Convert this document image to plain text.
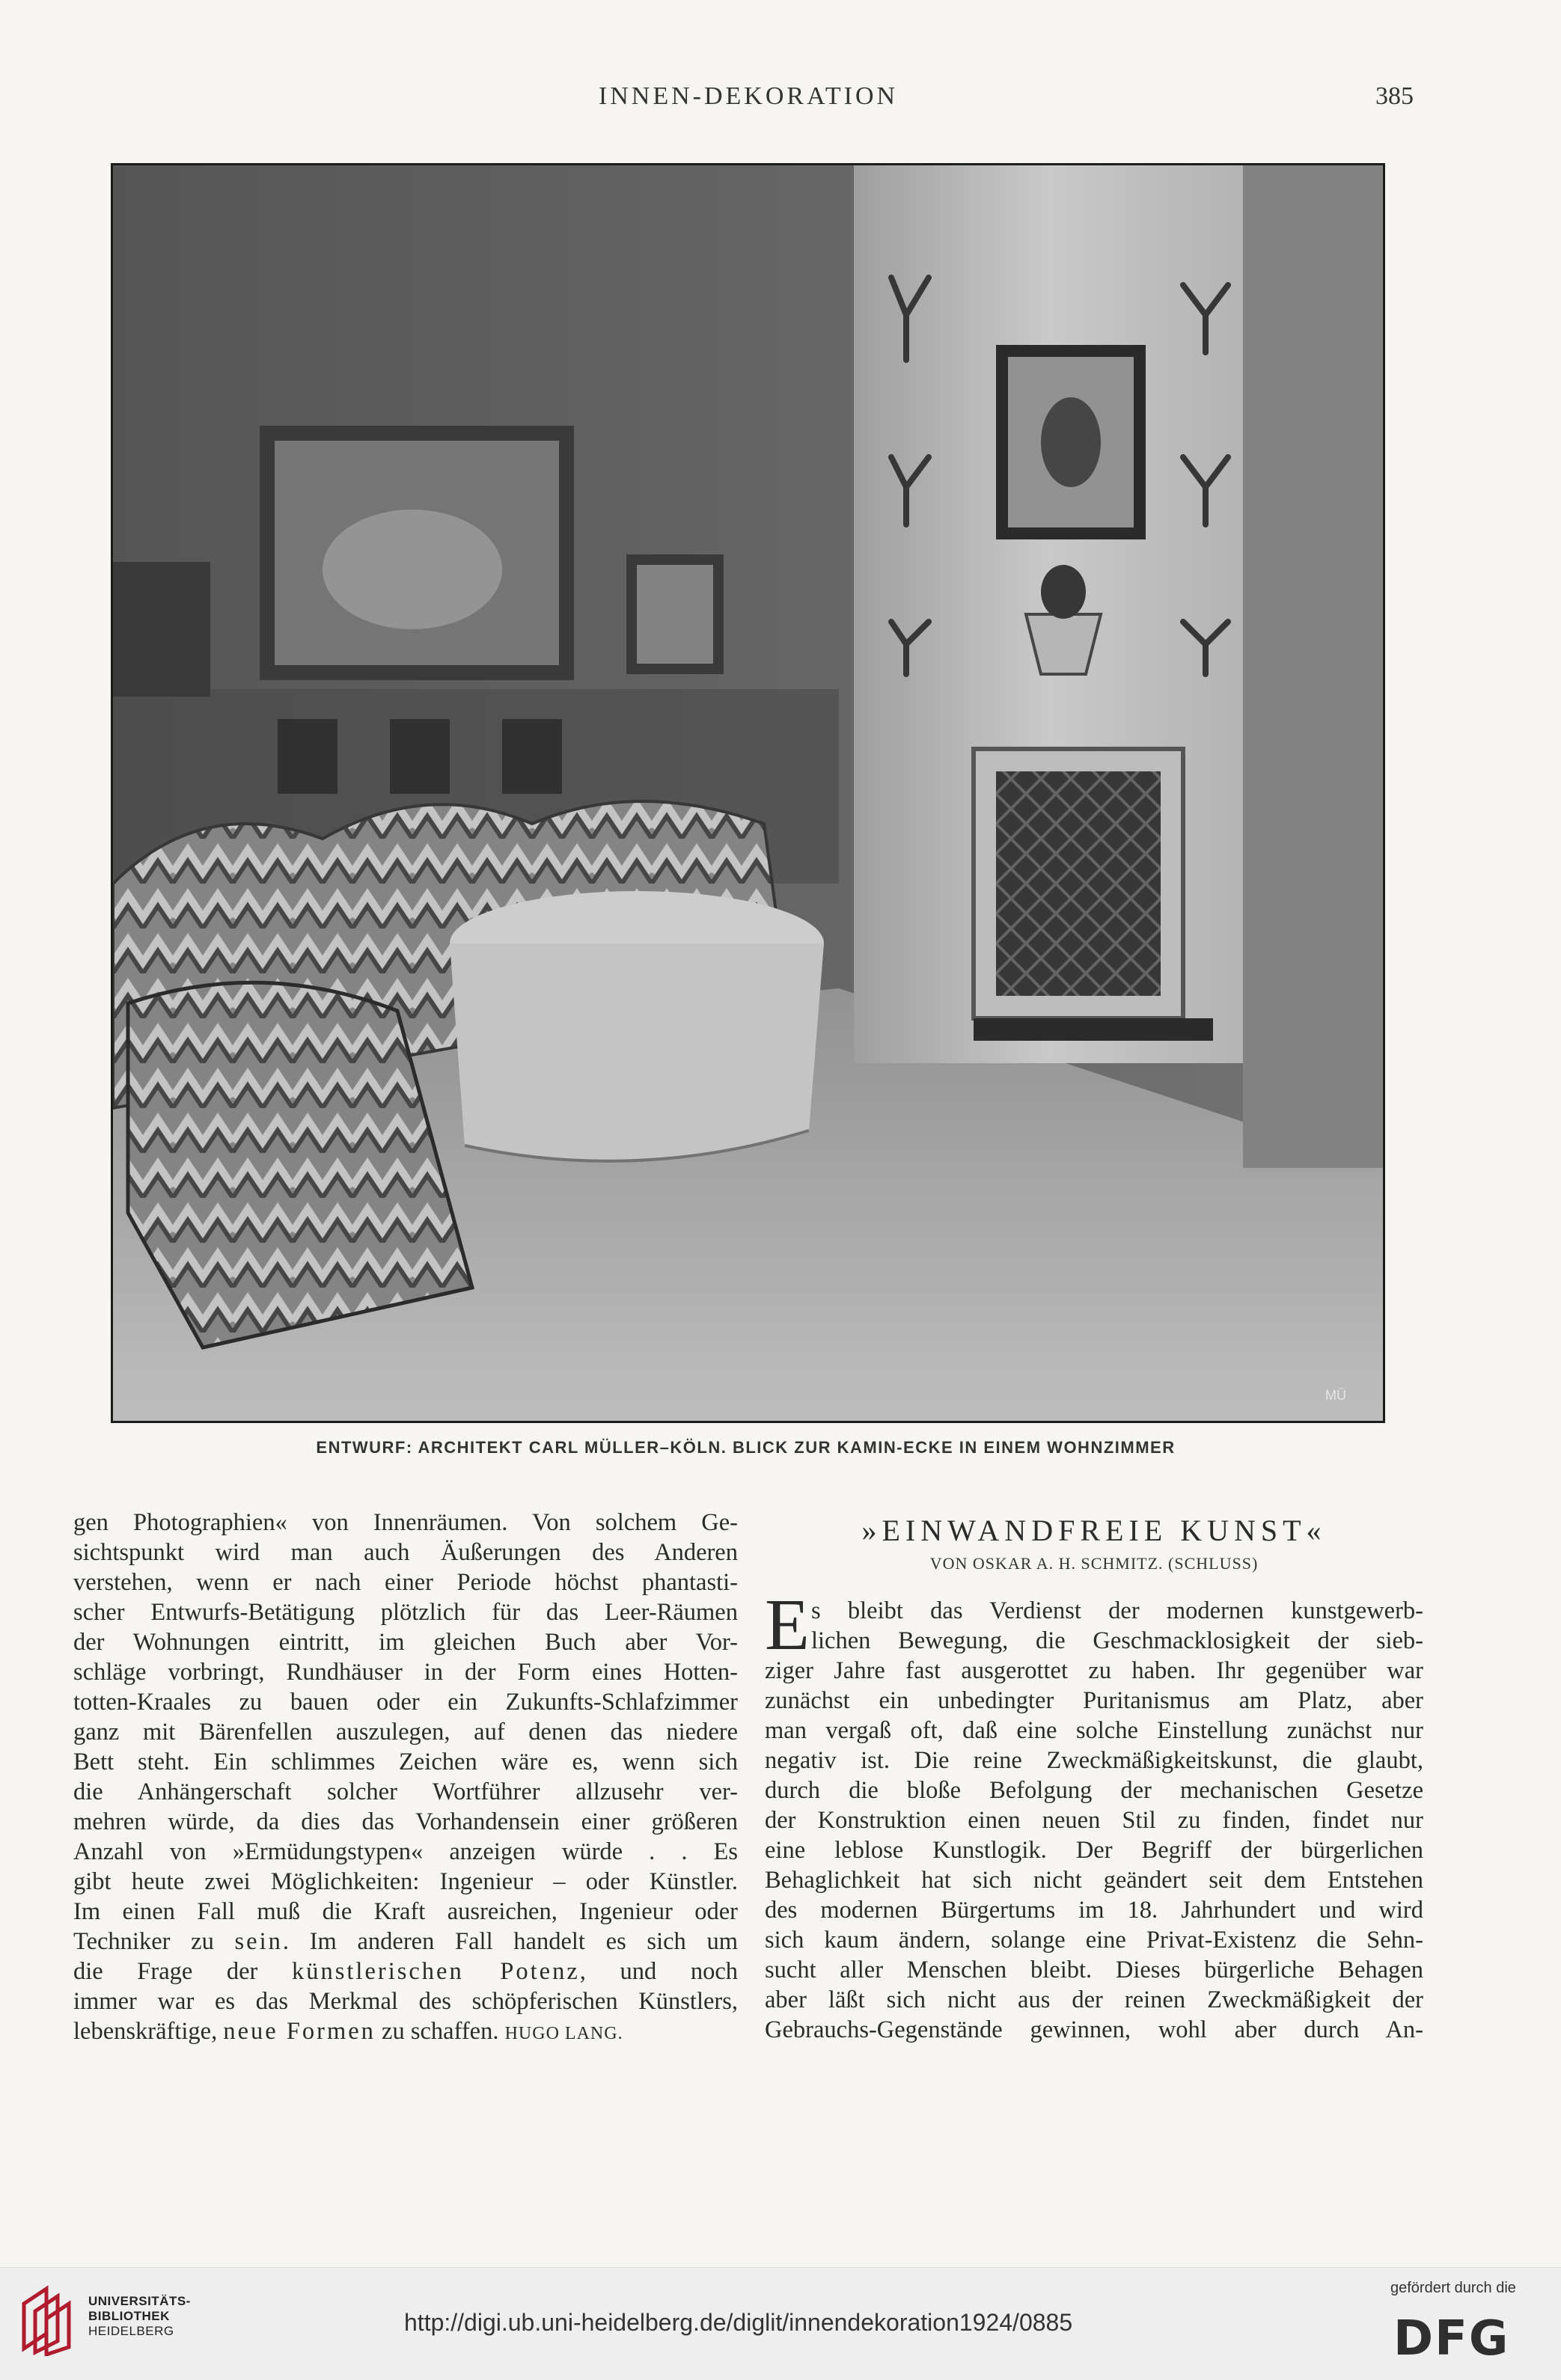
INNEN-DEKORATION	385
MÜ
ENTWURF: ARCHITEKT CARL MÜLLER–KÖLN. BLICK ZUR KAMIN-ECKE IN EINEM WOHNZIMMER
gen Photographien« von Innenräumen. Von solchem Ge-
sichtspunkt wird man auch Äußerungen des Anderen
verstehen, wenn er nach einer Periode höchst phantasti-
scher Entwurfs-Betätigung plötzlich für das Leer-Räumen
der Wohnungen eintritt, im gleichen Buch aber Vor-
schläge vorbringt, Rundhäuser in der Form eines Hotten-
totten-Kraales zu bauen oder ein Zukunfts-Schlafzimmer
ganz mit Bärenfellen auszulegen, auf denen das niedere
Bett steht. Ein schlimmes Zeichen wäre es, wenn sich
die Anhängerschaft solcher Wortführer allzusehr ver-
mehren würde, da dies das Vorhandensein einer größeren
Anzahl von »Ermüdungstypen« anzeigen würde . . Es
gibt heute zwei Möglichkeiten: Ingenieur – oder Künstler.
Im einen Fall muß die Kraft ausreichen, Ingenieur oder
Techniker zu sein. Im anderen Fall handelt es sich um
die Frage der künstlerischen Potenz, und noch
immer war es das Merkmal des schöpferischen Künstlers,
lebenskräftige, neue Formen zu schaffen. HUGO LANG.
»EINWANDFREIE KUNST«
VON OSKAR A. H. SCHMITZ. (SCHLUSS)
E s bleibt das Verdienst der modernen kunstgewerb-
lichen Bewegung, die Geschmacklosigkeit der sieb-
ziger Jahre fast ausgerottet zu haben. Ihr gegenüber war
zunächst ein unbedingter Puritanismus am Platz, aber
man vergaß oft, daß eine solche Einstellung zunächst nur
negativ ist. Die reine Zweckmäßigkeitskunst, die glaubt,
durch die bloße Befolgung der mechanischen Gesetze
der Konstruktion einen neuen Stil zu finden, findet nur
eine leblose Kunstlogik. Der Begriff der bürgerlichen
Behaglichkeit hat sich nicht geändert seit dem Entstehen
des modernen Bürgertums im 18. Jahrhundert und wird
sich kaum ändern, solange eine Privat-Existenz die Sehn-
sucht aller Menschen bleibt. Dieses bürgerliche Behagen
aber läßt sich nicht aus der reinen Zweckmäßigkeit der
Gebrauchs-Gegenstände gewinnen, wohl aber durch An-
UNIVERSITÄTS-
BIBLIOTHEK
HEIDELBERG	http://digi.ub.uni-heidelberg.de/diglit/innendekoration1924/0885
gefördert durch die
DFG
